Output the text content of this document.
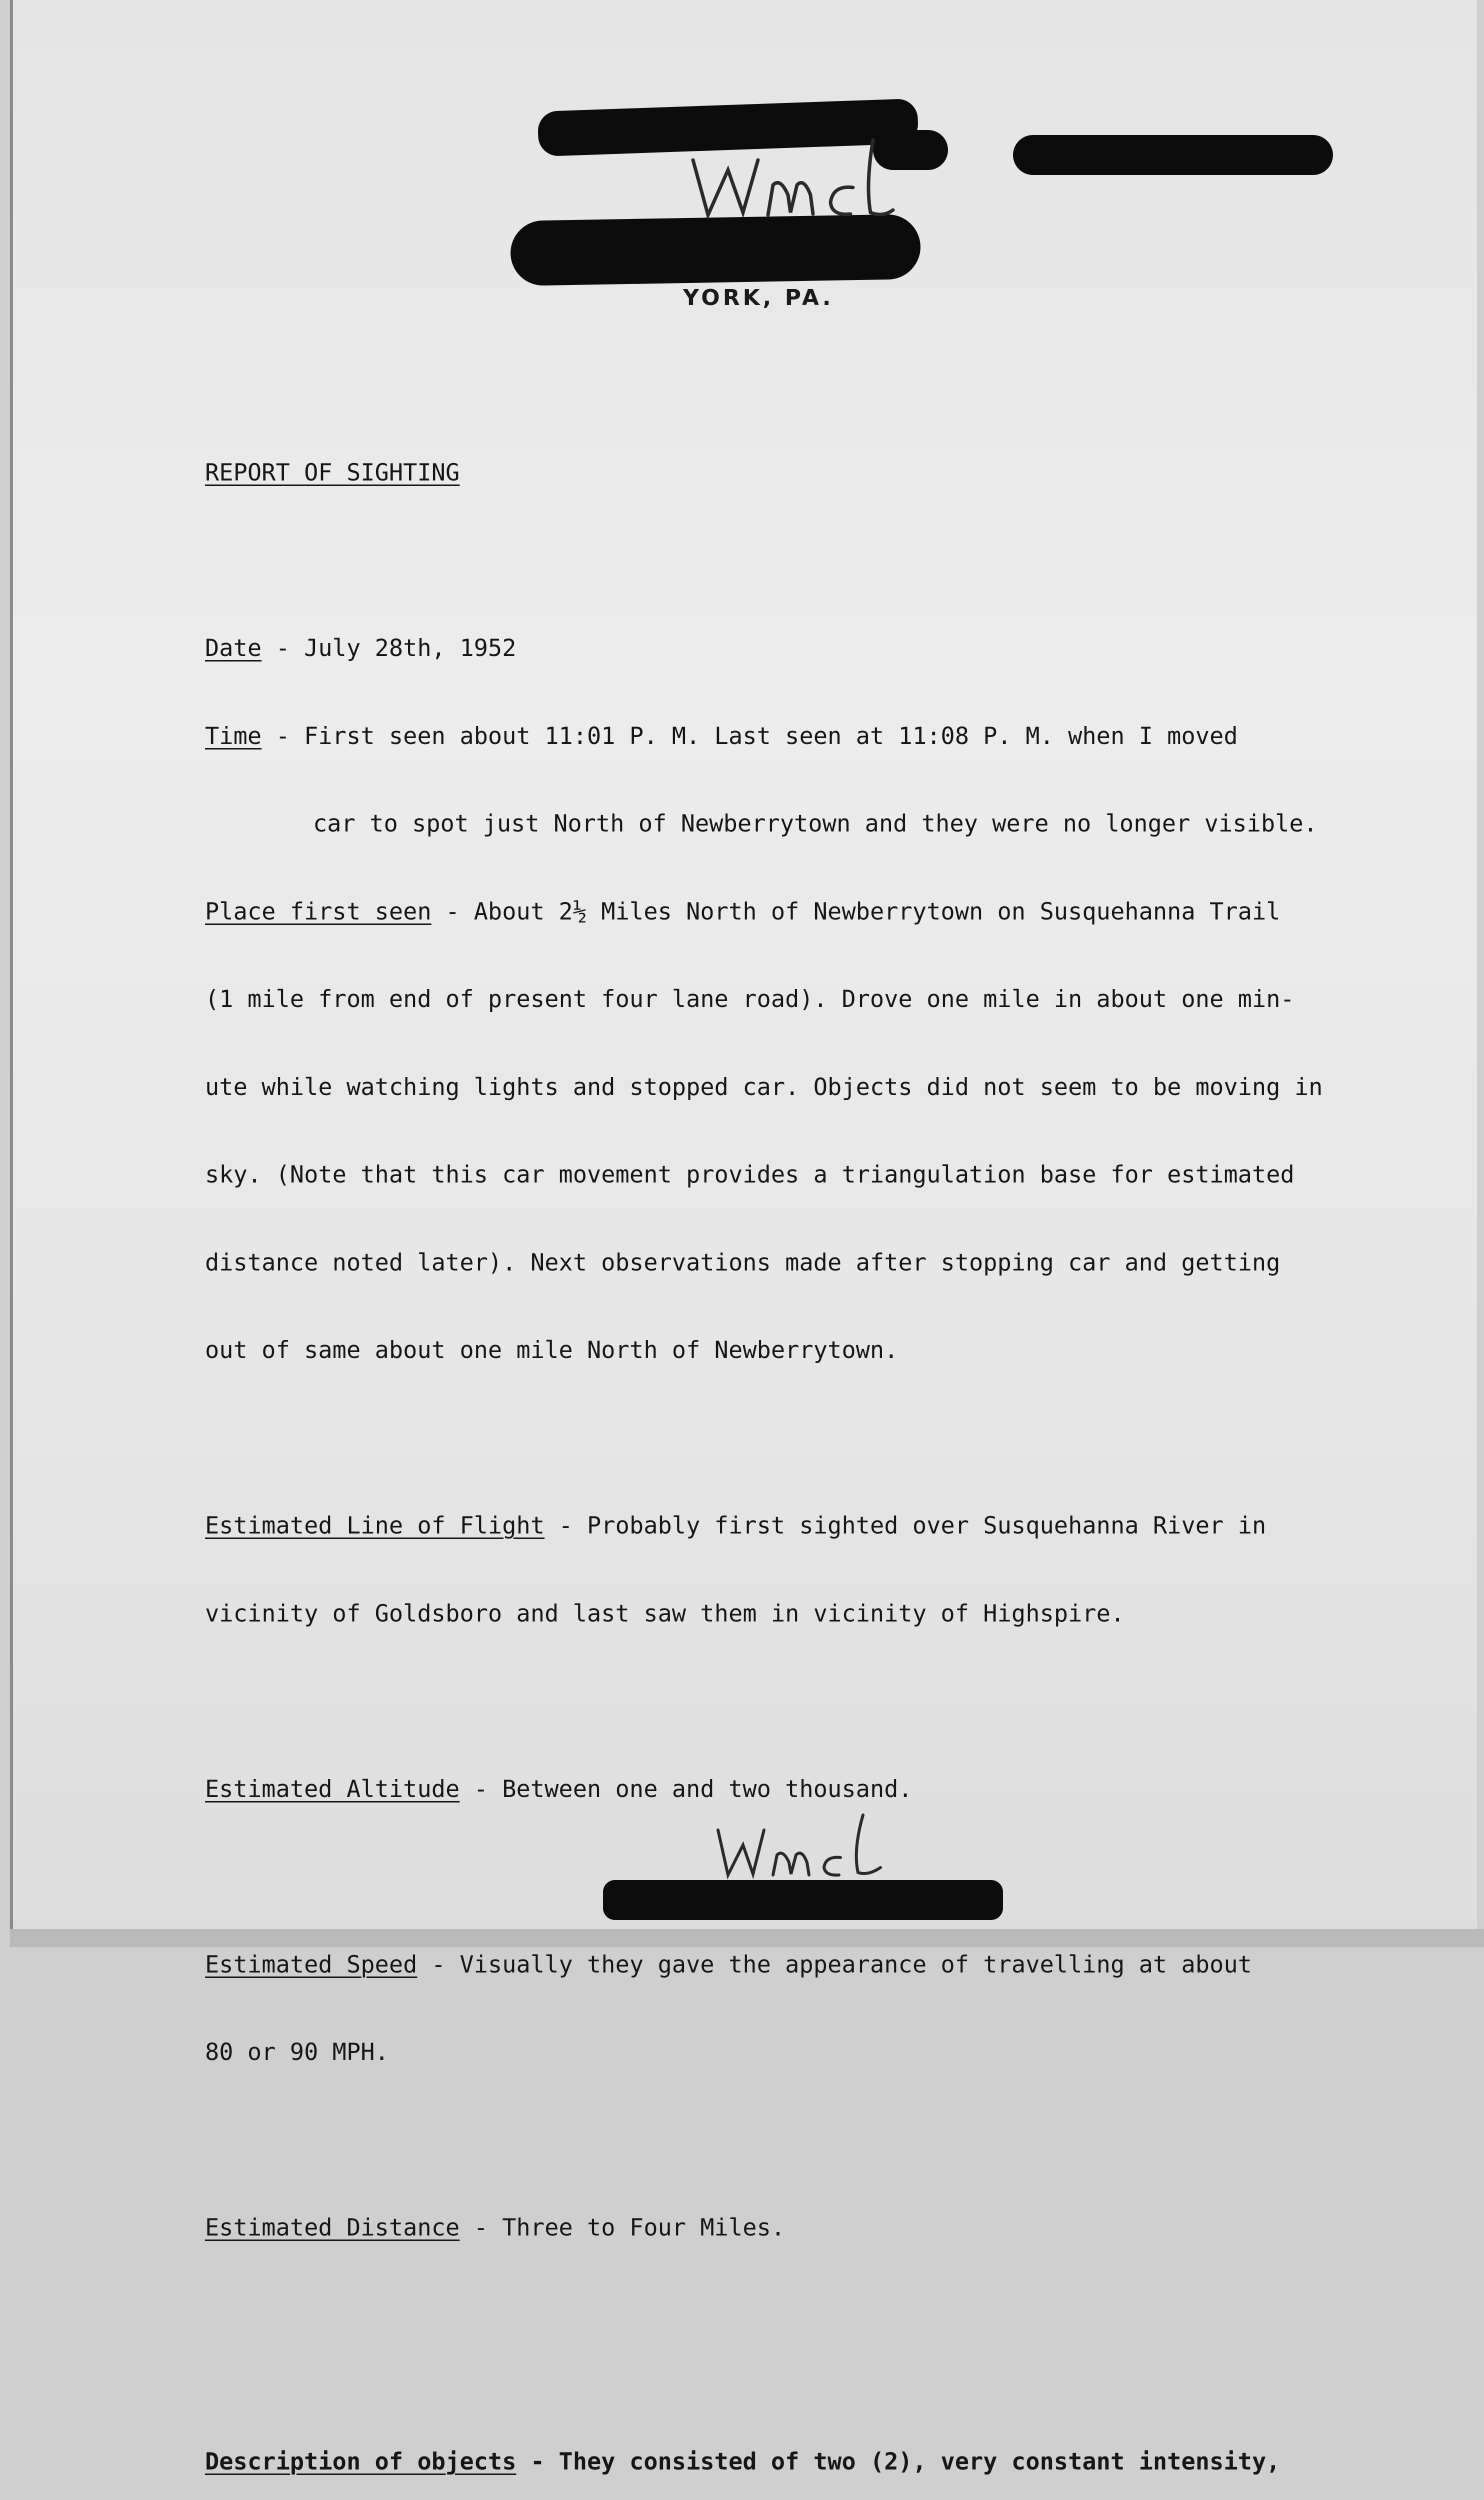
YORK, PA.

REPORT OF SIGHTING

Date - July 28th, 1952

Time - First seen about 11:01 P. M. Last seen at 11:08 P. M. when I moved

car to spot just North of Newberrytown and they were no longer visible.

Place first seen - About 2½ Miles North of Newberrytown on Susquehanna Trail

(1 mile from end of present four lane road). Drove one mile in about one min-

ute while watching lights and stopped car. Objects did not seem to be moving in

sky. (Note that this car movement provides a triangulation base for estimated

distance noted later). Next observations made after stopping car and getting

out of same about one mile North of Newberrytown.

Estimated Line of Flight - Probably first sighted over Susquehanna River in

vicinity of Goldsboro and last saw them in vicinity of Highspire.

Estimated Altitude - Between one and two thousand.

Estimated Speed - Visually they gave the appearance of travelling at about

80 or 90 MPH.

Estimated Distance - Three to Four Miles.

Description of objects - They consisted of two (2), very constant intensity,
